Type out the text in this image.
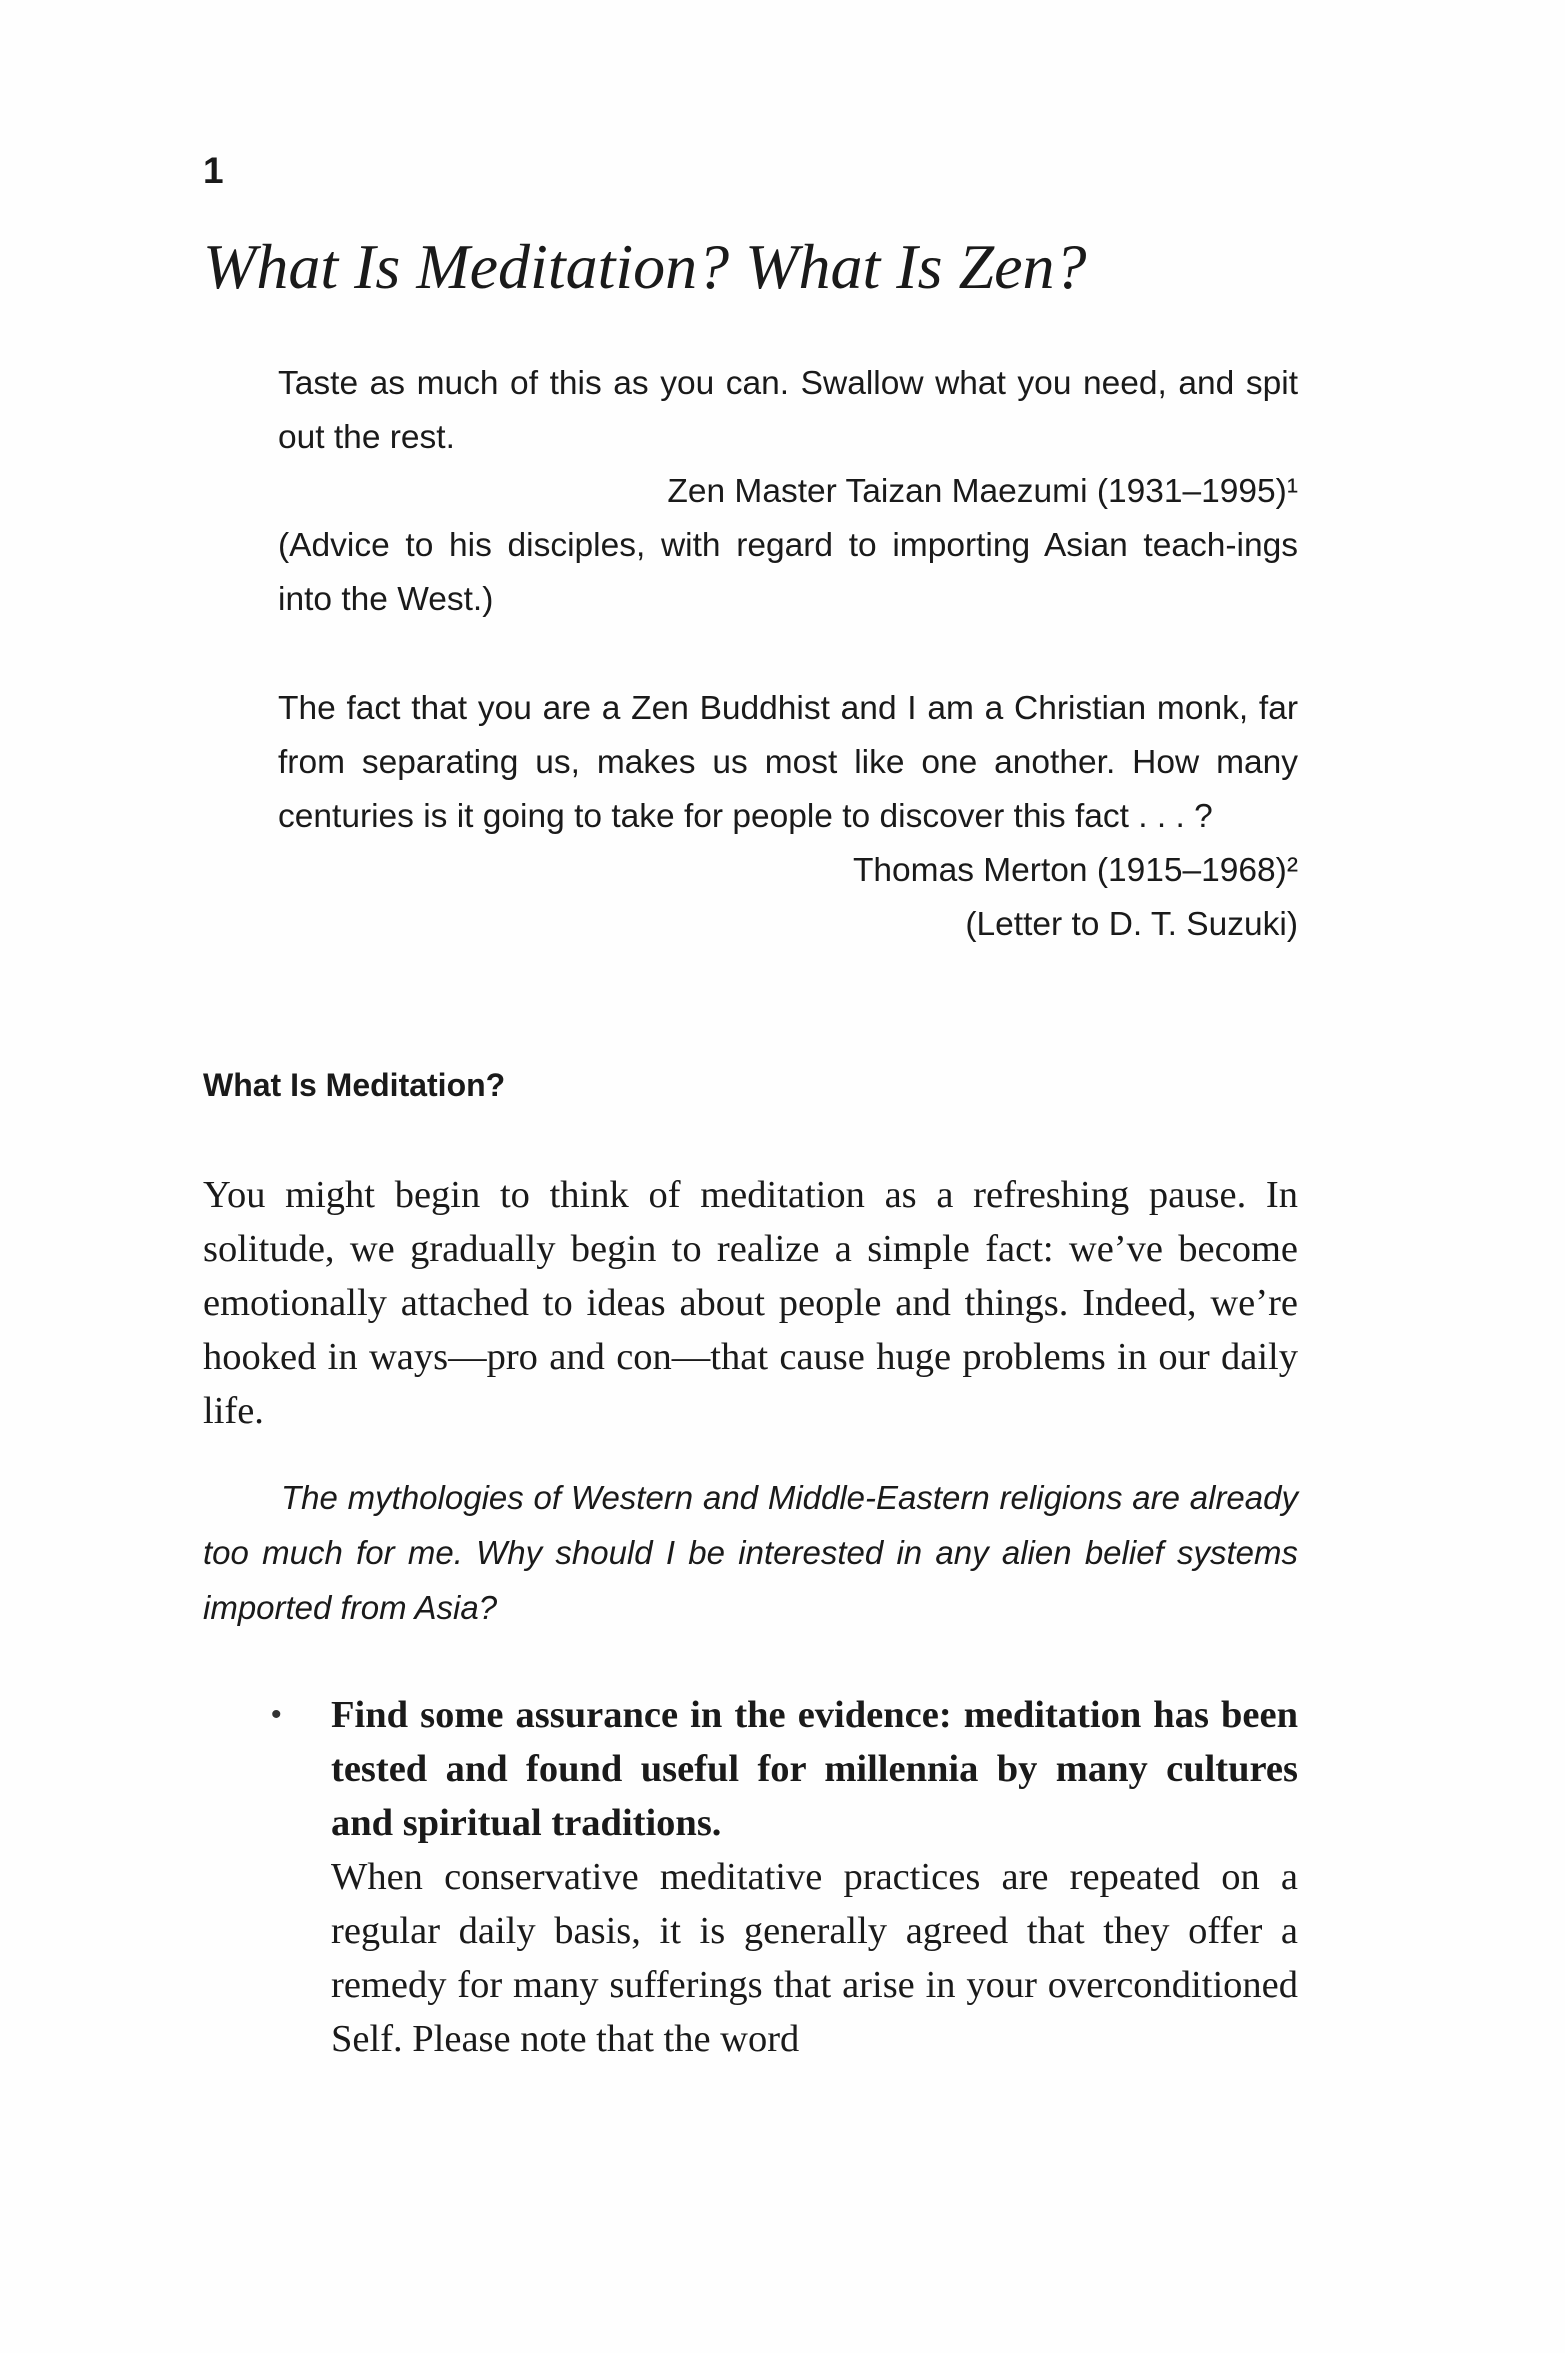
1
What Is Meditation? What Is Zen?

Taste as much of this as you can. Swallow what you need, and spit out the rest.

Zen Master Taizan Maezumi (1931–1995)¹

(Advice to his disciples, with regard to importing Asian teach-ings into the West.)

The fact that you are a Zen Buddhist and I am a Christian monk, far from separating us, makes us most like one another. How many centuries is it going to take for people to discover this fact . . . ?

Thomas Merton (1915–1968)²

(Letter to D. T. Suzuki)

What Is Meditation?

You might begin to think of meditation as a refreshing pause. In solitude, we gradually begin to realize a simple fact: we’ve become emotionally attached to ideas about people and things. Indeed, we’re hooked in ways—pro and con—that cause huge problems in our daily life.

The mythologies of Western and Middle-Eastern religions are already too much for me. Why should I be interested in any alien belief systems imported from Asia?

• Find some assurance in the evidence: meditation has been tested and found useful for millennia by many cultures and spiritual traditions.

When conservative meditative practices are repeated on a regular daily basis, it is generally agreed that they offer a remedy for many sufferings that arise in your overconditioned Self. Please note that the word
